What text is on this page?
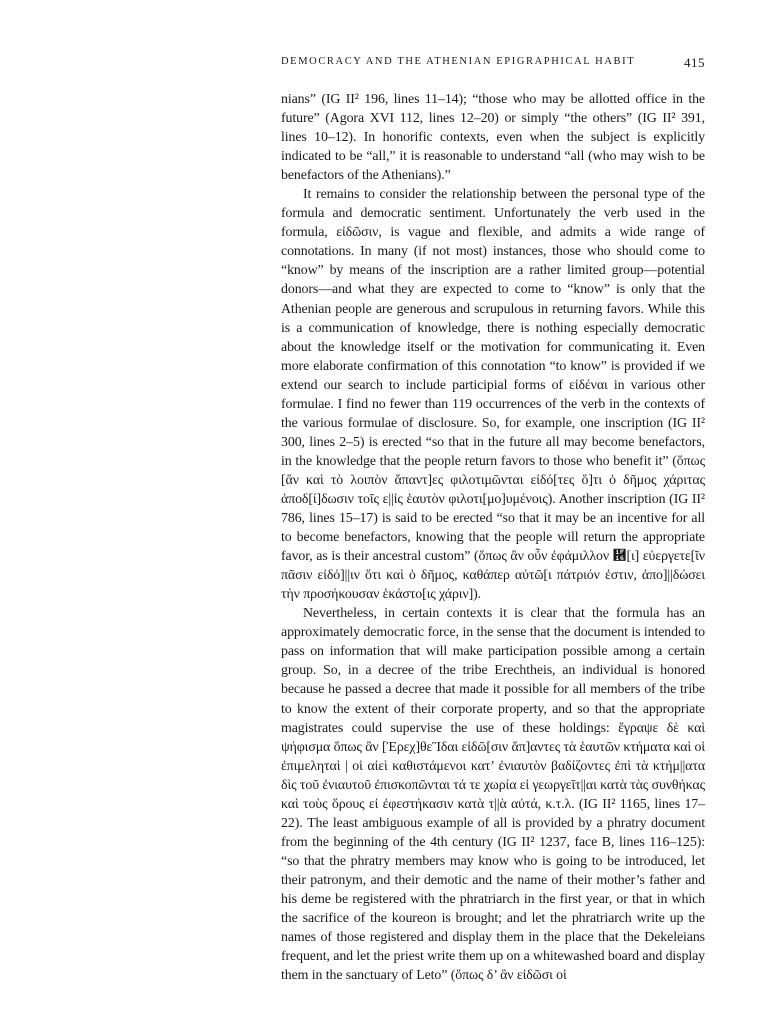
DEMOCRACY AND THE ATHENIAN EPIGRAPHICAL HABIT	415

nians” (IG II² 196, lines 11–14); “those who may be allotted office in the future” (Agora XVI 112, lines 12–20) or simply “the others” (IG II² 391, lines 10–12). In honorific contexts, even when the subject is explicitly indicated to be “all,” it is reasonable to understand “all (who may wish to be benefactors of the Athenians).”

It remains to consider the relationship between the personal type of the formula and democratic sentiment. Unfortunately the verb used in the formula, εἰδῶσιν, is vague and flexible, and admits a wide range of connotations. In many (if not most) instances, those who should come to “know” by means of the inscription are a rather limited group—potential donors—and what they are expected to come to “know” is only that the Athenian people are generous and scrupulous in returning favors. While this is a communication of knowledge, there is nothing especially democratic about the knowledge itself or the motivation for communicating it. Even more elaborate confirmation of this connotation “to know” is provided if we extend our search to include participial forms of εἰδέναι in various other formulae. I find no fewer than 119 occurrences of the verb in the contexts of the various formulae of disclosure. So, for example, one inscription (IG II² 300, lines 2–5) is erected “so that in the future all may become benefactors, in the knowledge that the people return favors to those who benefit it” (ὅπως [ἂν καὶ τὸ λοιπὸν ἅπαντ]ες φιλοτιμῶνται εἰδό[τες ὅ]τι ὁ δῆμος χάριτας ἀποδ[ί]δωσιν τοῖς ε||ἰς ἑαυτὸν φιλοτι[μο]υμένοις). Another inscription (IG II² 786, lines 15–17) is said to be erected “so that it may be an incentive for all to become benefactors, knowing that the people will return the appropriate favor, as is their ancestral custom” (ὅπως ἂν οὖν ἐφάμιλλον ἖[ι] εὐεργετε[ῖν πᾶσιν εἰδό]||ιν ὅτι καὶ ὁ δῆμος, καθάπερ αὐτῶ[ι πάτριόν ἐστιν, ἀπο]||δώσει τὴν προσήκουσαν ἑκάστο[ις χάριν]).

Nevertheless, in certain contexts it is clear that the formula has an approximately democratic force, in the sense that the document is intended to pass on information that will make participation possible among a certain group. So, in a decree of the tribe Erechtheis, an individual is honored because he passed a decree that made it possible for all members of the tribe to know the extent of their corporate property, and so that the appropriate magistrates could supervise the use of these holdings: ἔγραψε δὲ καὶ ψήφισμα ὅπως ἂν [Ἐρεχ]θεἻδαι εἰδῶ[σιν ἅπ]αντες τὰ ἑαυτῶν κτήματα καὶ οἱ ἐπιμεληταὶ | οἱ αἰεὶ καθιστάμενοι κατ’ ἐνιαυτὸν βαδίζοντες ἐπὶ τὰ κτήμ||ατα δὶς τοῦ ἐνιαυτοῦ ἐπισκοπῶνται τά τε χωρία εἰ γεωργεῖτ||αι κατὰ τὰς συνθήκας καὶ τοὺς ὅρους εἰ ἐφεστήκασιν κατὰ τ||ὰ αὐτά, κ.τ.λ. (IG II² 1165, lines 17–22). The least ambiguous example of all is provided by a phratry document from the beginning of the 4th century (IG II² 1237, face B, lines 116–125): “so that the phratry members may know who is going to be introduced, let their patronym, and their demotic and the name of their mother’s father and his deme be registered with the phratriarch in the first year, or that in which the sacrifice of the koureon is brought; and let the phratriarch write up the names of those registered and display them in the place that the Dekeleians frequent, and let the priest write them up on a whitewashed board and display them in the sanctuary of Leto” (ὅπως δ’ ἂν εἰδῶσι οἱ
